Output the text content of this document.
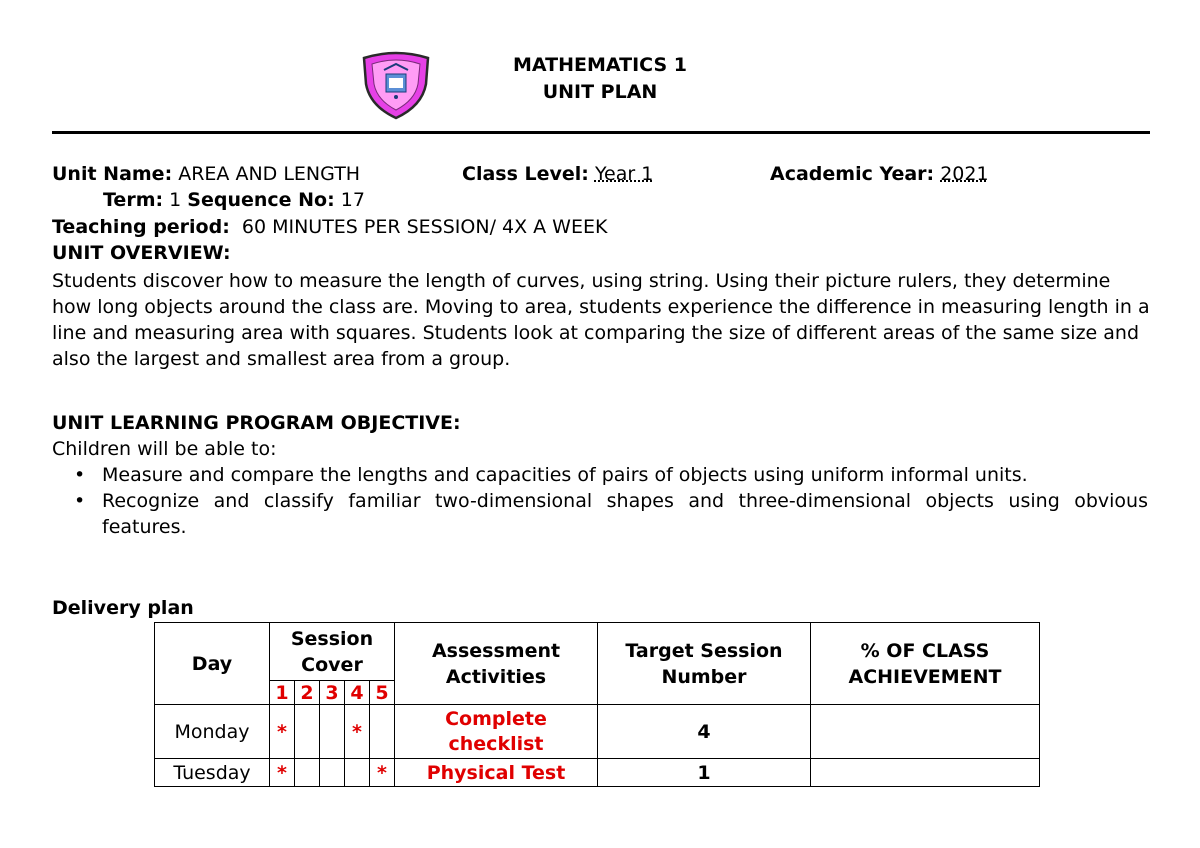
MATHEMATICS 1
UNIT PLAN
Unit Name: AREA AND LENGTH	Class Level: Year 1	Academic Year: 2021
Term: 1 Sequence No: 17
Teaching period: 60 MINUTES PER SESSION/ 4X A WEEK
UNIT OVERVIEW:
Students discover how to measure the length of curves, using string. Using their picture rulers, they determine how long objects around the class are. Moving to area, students experience the difference in measuring length in a line and measuring area with squares. Students look at comparing the size of different areas of the same size and also the largest and smallest area from a group.
UNIT LEARNING PROGRAM OBJECTIVE:
Children will be able to:
• Measure and compare the lengths and capacities of pairs of objects using uniform informal units.
• Recognize and classify familiar two-dimensional shapes and three-dimensional objects using obvious features.
Delivery plan
Day	Session Cover					Assessment Activities	Target Session Number	% OF CLASS ACHIEVEMENT
	1	2	3	4	5			
Monday	*			*		Complete checklist	4	
Tuesday	*				*	Physical Test	1	
